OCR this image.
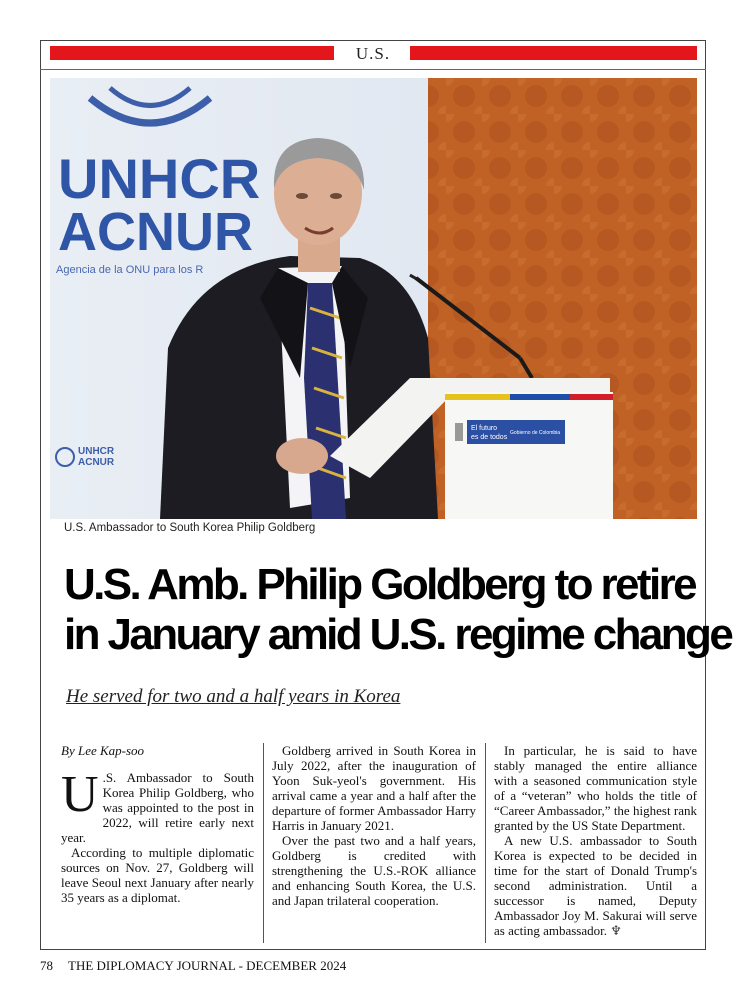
U.S.
UNHCR
ACNUR
Agencia de la ONU para los R
UNHCR
ACNUR
El futuro
es de todos
Gobierno de Colombia
U.S. Ambassador to South Korea Philip Goldberg
U.S. Amb. Philip Goldberg to retire
in January amid U.S. regime change
He served for two and a half years in Korea

By Lee Kap-soo

U .S. Ambassador to South Korea Philip Goldberg, who was appointed to the post in 2022, will retire early next year.

According to multiple diplomatic sources on Nov. 27, Goldberg will leave Seoul next January after nearly 35 years as a diplomat.

Goldberg arrived in South Korea in July 2022, after the inauguration of Yoon Suk-yeol's government. His arrival came a year and a half after the departure of former Ambassador Harry Harris in January 2021.

Over the past two and a half years, Goldberg is credited with strengthening the U.S.-ROK alliance and enhancing South Korea, the U.S. and Japan trilateral cooperation.

In particular, he is said to have stably managed the entire alliance with a seasoned communication style of a “veteran” who holds the title of “Career Ambassador,” the highest rank granted by the US State Department.

A new U.S. ambassador to South Korea is expected to be decided in time for the start of Donald Trump's second administration. Until a successor is named, Deputy Ambassador Joy M. Sakurai will serve as acting ambassador. ♆

78 THE DIPLOMACY JOURNAL - DECEMBER 2024
